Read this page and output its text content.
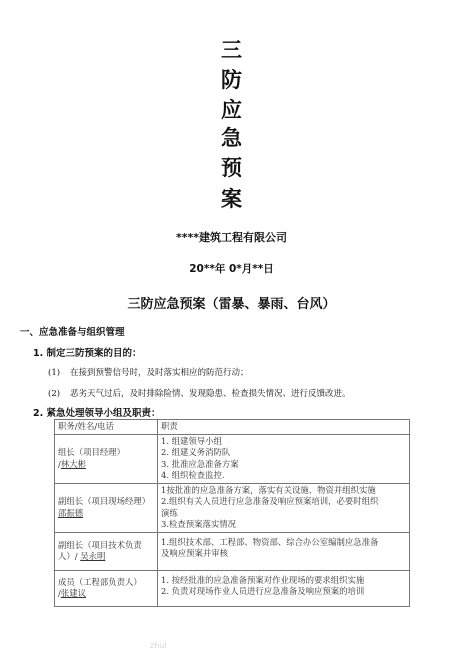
三
防
应
急
预
案
****建筑工程有限公司
20**年 0*月**日
三防应急预案（雷暴、暴雨、台风）
一、应急准备与组织管理
1. 制定三防预案的目的：
(1) 在接到预警信号时，及时落实相应的防范行动；
(2) 恶劣天气过后，及时排除险情、发现隐患、检查损失情况、进行反馈改进。
2. 紧急处理领导小组及职责：
职务/姓名/电话	职责
组长（项目经理）
/林大彬	1. 组建领导小组
2. 组建义务消防队
3. 批准应急准备方案
4. 组织检查监控.

副组长（项目现场经理）邵振德	1按批准的应急准备方案，落实有关设施、物资并组织实施
2.组织有关人员进行应急准备及响应预案培训，必要时组织
演练
3.检查预案落实情况

副组长（项目技术负责人）/ 吴永明	1.组织技术部、工程部、物资部、综合办公室编制应急准备
及响应预案并审核

成员（工程部负责人）
/张建议	1. 按经批准的应急准备预案对作业现场的要求组织实施
2. 负责对现场作业人员进行应急准备及响应预案的培训
zhul
